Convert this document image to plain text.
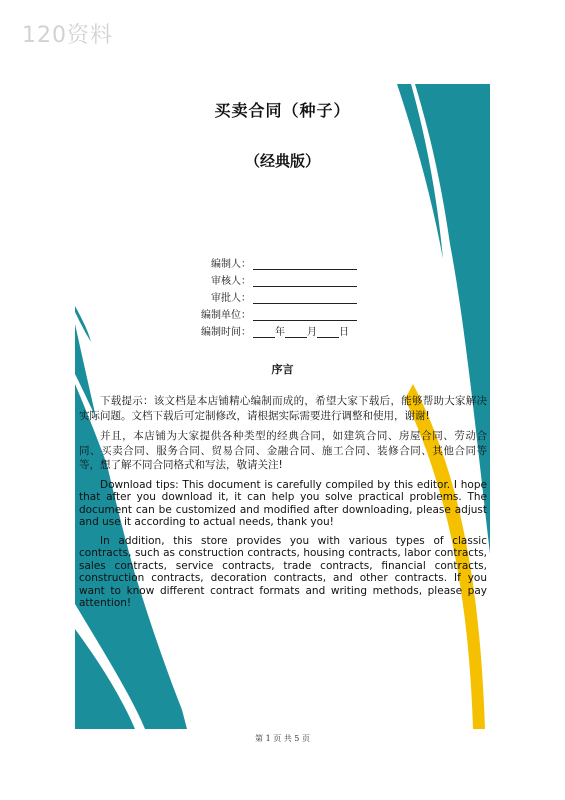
120资料
买卖合同（种子）
（经典版）
编制人：
审核人：
审批人：
编制单位：
编制时间： 年 月 日
序言

下载提示：该文档是本店铺精心编制而成的，希望大家下载后，能够帮助大家解决实际问题。文档下载后可定制修改，请根据实际需要进行调整和使用，谢谢!

并且，本店铺为大家提供各种类型的经典合同，如建筑合同、房屋合同、劳动合同、买卖合同、服务合同、贸易合同、金融合同、施工合同、装修合同、其他合同等等，想了解不同合同格式和写法，敬请关注!

Download tips: This document is carefully compiled by this editor. I hope that after you download it, it can help you solve practical problems. The document can be customized and modified after downloading, please adjust and use it according to actual needs, thank you!

In addition, this store provides you with various types of classic contracts, such as construction contracts, housing contracts, labor contracts, sales contracts, service contracts, trade contracts, financial contracts, construction contracts, decoration contracts, and other contracts. If you want to know different contract formats and writing methods, please pay attention!

第 1 页 共 5 页
